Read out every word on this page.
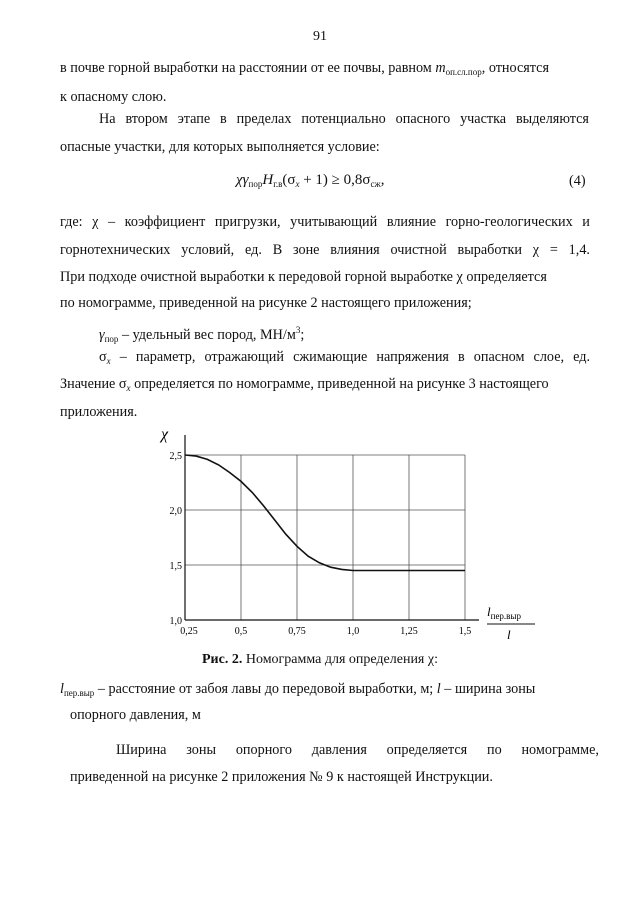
91
в почве горной выработки на расстоянии от ее почвы, равном $m_{оп.сл.пор}$, относятся
к опасному слою.
На втором этапе в пределах потенциально опасного участка выделяются
опасные участки, для которых выполняется условие:
$\chi\gamma_{пор}H_{г.в}(\sigma_x + 1) \ge 0,8\sigma_{сж}$,	(4)
где: χ – коэффициент пригрузки, учитывающий влияние горно-геологических и
горнотехнических условий, ед. В зоне влияния очистной выработки χ = 1,4.
При подходе очистной выработки к передовой горной выработке χ определяется
по номограмме, приведенной на рисунке 2 настоящего приложения;
$\gamma_{пор}$ – удельный вес пород, $МН/м^3$;
$\sigma_x$ – параметр, отражающий сжимающие напряжения в опасном слое, ед.
Значение $\sigma_x$ определяется по номограмме, приведенной на рисунке 3 настоящего
приложения.
0,25	0,5	0,75	1,0	1,25	1,5
1,0
1,5
2,0
2,5
χ
$l_{пер.выр}$
l
Рис. 2. Номограмма для определения χ:
$l_{пер.выр}$ – расстояние от забоя лавы до передовой выработки, м; l – ширина зоны
опорного давления, м
Ширина зоны опорного давления определяется по номограмме,
приведенной на рисунке 2 приложения № 9 к настоящей Инструкции.
